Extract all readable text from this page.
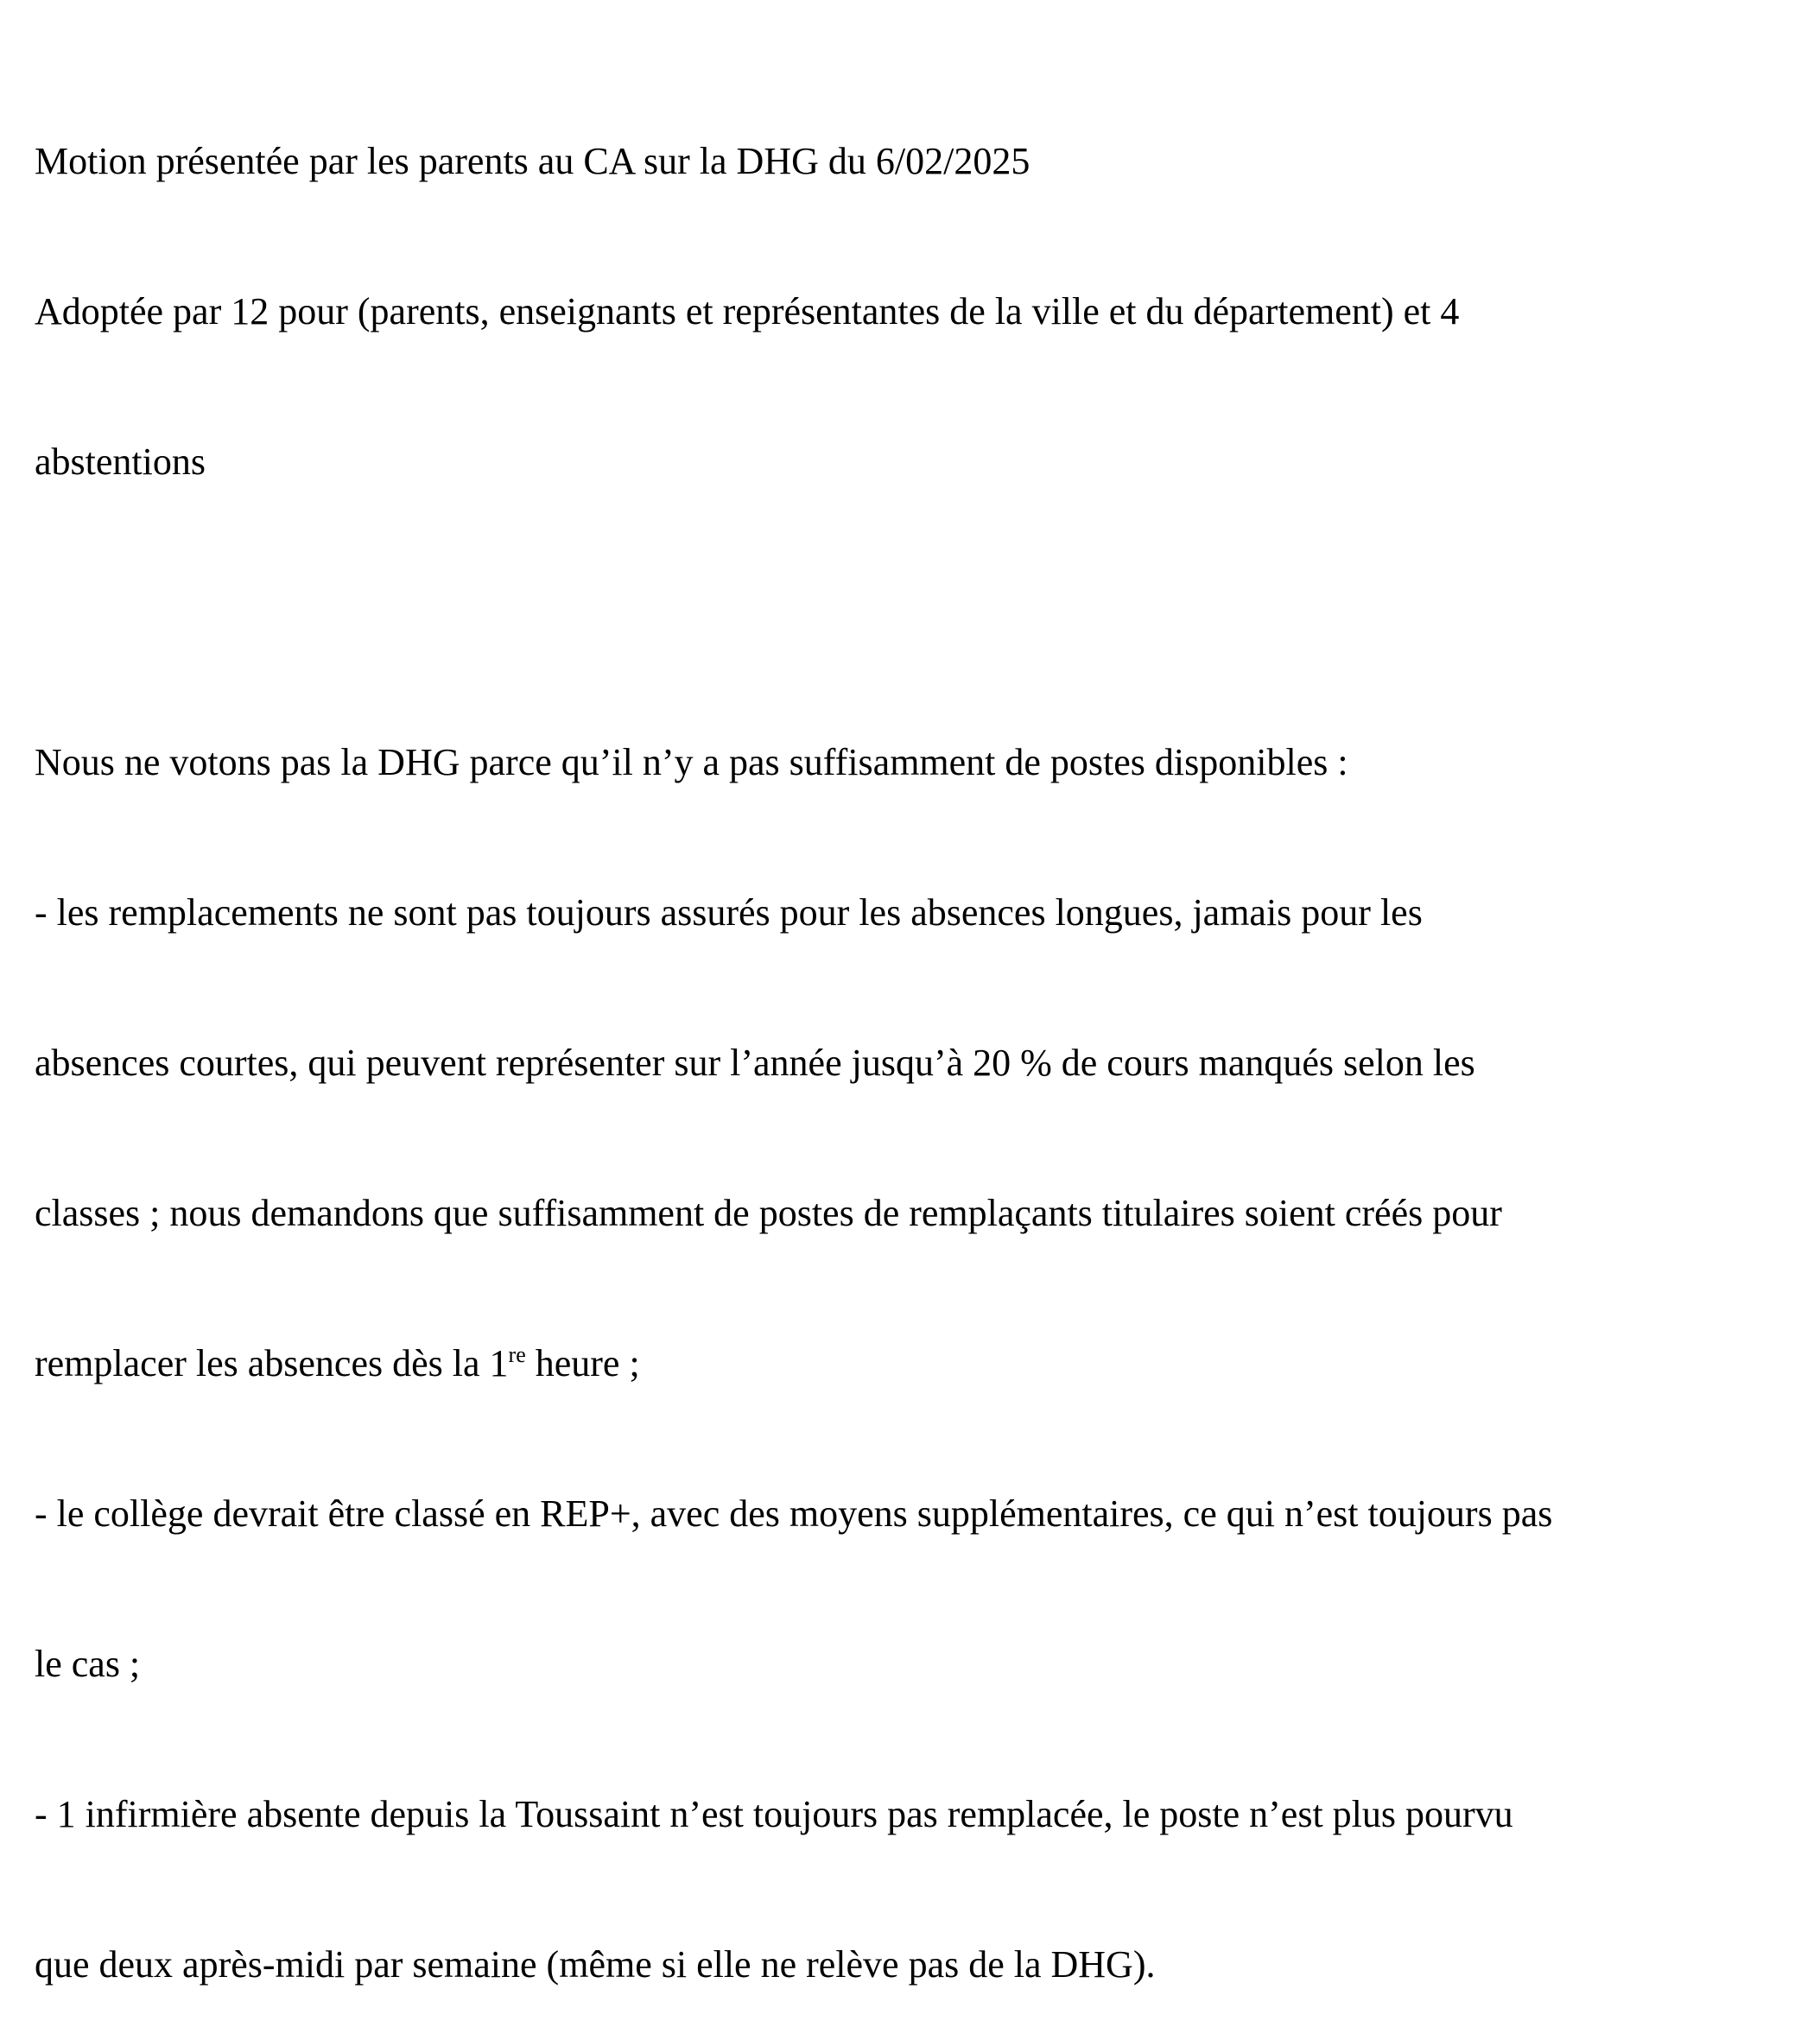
Motion présentée par les parents au CA sur la DHG du 6/02/2025

Adoptée par 12 pour (parents, enseignants et représentantes de la ville et du département) et 4

abstentions

Nous ne votons pas la DHG parce qu’il n’y a pas suffisamment de postes disponibles :

- les remplacements ne sont pas toujours assurés pour les absences longues, jamais pour les

absences courtes, qui peuvent représenter sur l’année jusqu’à 20 % de cours manqués selon les

classes ; nous demandons que suffisamment de postes de remplaçants titulaires soient créés pour

remplacer les absences dès la 1re heure ;

- le collège devrait être classé en REP+, avec des moyens supplémentaires, ce qui n’est toujours pas

le cas ;

- 1 infirmière absente depuis la Toussaint n’est toujours pas remplacée, le poste n’est plus pourvu

que deux après-midi par semaine (même si elle ne relève pas de la DHG).
